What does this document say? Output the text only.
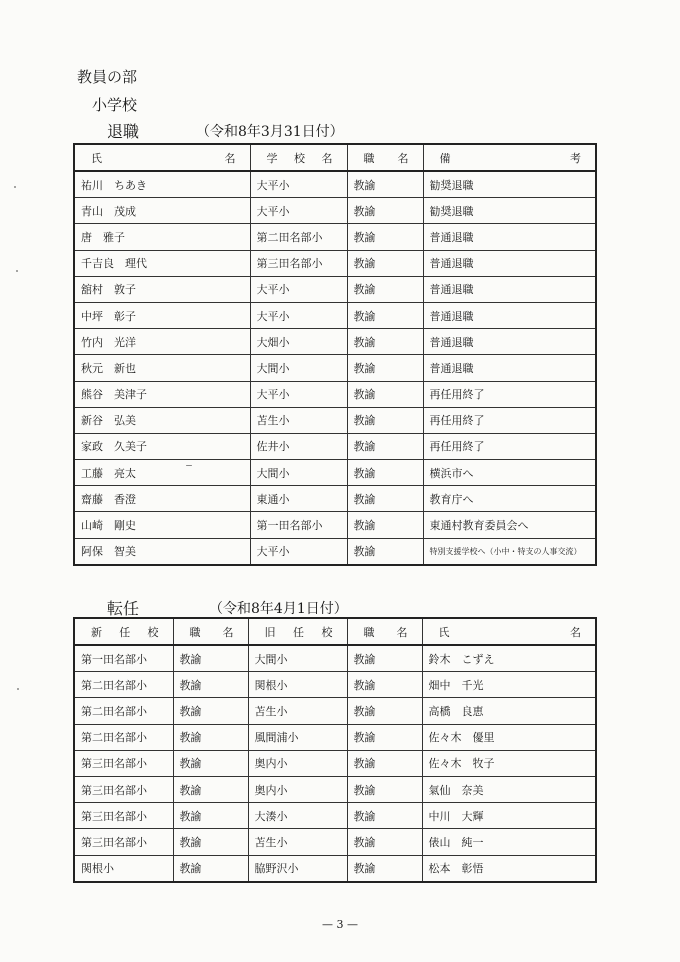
教員の部
小学校
退職	（令和8年3月31日付）
氏 名	学 校 名	職 名	備 考

祐川　ちあき	大平小	教諭	勧奨退職
青山　茂成	大平小	教諭	勧奨退職
唐　雅子	第二田名部小	教諭	普通退職
千吉良　理代	第三田名部小	教諭	普通退職
舘村　敦子	大平小	教諭	普通退職
中坪　彰子	大平小	教諭	普通退職
竹内　光洋	大畑小	教諭	普通退職
秋元　新也	大間小	教諭	普通退職
熊谷　美津子	大平小	教諭	再任用終了
新谷　弘美	苫生小	教諭	再任用終了
家政　久美子	佐井小	教諭	再任用終了
工藤　亮太	大間小	教諭	横浜市へ
齋藤　香澄	東通小	教諭	教育庁へ
山崎　剛史	第一田名部小	教諭	東通村教育委員会へ
阿保　智美	大平小	教諭	特別支援学校へ（小中・特支の人事交流）
転任	（令和8年4月1日付）
新 任 校	職 名	旧 任 校	職 名	氏 名

第一田名部小	教諭	大間小	教諭	鈴木　こずえ
第二田名部小	教諭	関根小	教諭	畑中　千光
第二田名部小	教諭	苫生小	教諭	高橋　良恵
第二田名部小	教諭	風間浦小	教諭	佐々木　優里
第三田名部小	教諭	奥内小	教諭	佐々木　牧子
第三田名部小	教諭	奥内小	教諭	氣仙　奈美
第三田名部小	教諭	大湊小	教諭	中川　大輝
第三田名部小	教諭	苫生小	教諭	俵山　純一
関根小	教諭	脇野沢小	教諭	松本　彰悟
— 3 —
